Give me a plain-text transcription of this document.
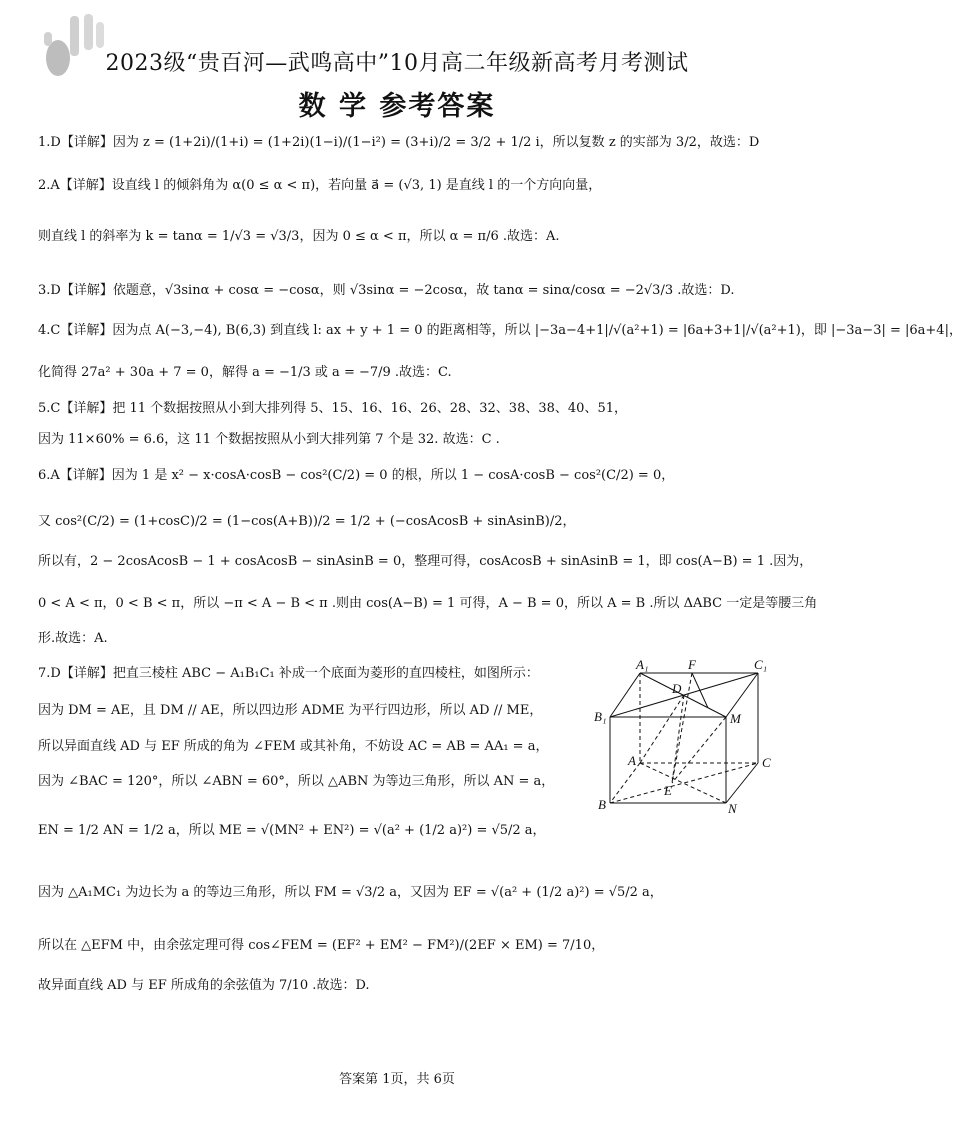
2023级“贵百河—武鸣高中”10月高二年级新高考月考测试
数 学 参考答案
1.D【详解】因为 z = (1+2i)/(1+i) = (1+2i)(1−i)/(1−i²) = (3+i)/2 = 3/2 + 1/2 i，所以复数 z 的实部为 3/2，故选：D
2.A【详解】设直线 l 的倾斜角为 α(0 ≤ α < π)，若向量 a⃗ = (√3, 1) 是直线 l 的一个方向向量，
则直线 l 的斜率为 k = tanα = 1/√3 = √3/3，因为 0 ≤ α < π，所以 α = π/6 .故选：A.
3.D【详解】依题意，√3sinα + cosα = −cosα，则 √3sinα = −2cosα，故 tanα = sinα/cosα = −2√3/3 .故选：D.
4.C【详解】因为点 A(−3,−4), B(6,3) 到直线 l: ax + y + 1 = 0 的距离相等，所以 |−3a−4+1|/√(a²+1) = |6a+3+1|/√(a²+1)，即 |−3a−3| = |6a+4|，
化简得 27a² + 30a + 7 = 0，解得 a = −1/3 或 a = −7/9 .故选：C.
5.C【详解】把 11 个数据按照从小到大排列得 5、15、16、16、26、28、32、38、38、40、51，
因为 11×60% = 6.6，这 11 个数据按照从小到大排列第 7 个是 32. 故选：C .
6.A【详解】因为 1 是 x² − x·cosA·cosB − cos²(C/2) = 0 的根，所以 1 − cosA·cosB − cos²(C/2) = 0，
又 cos²(C/2) = (1+cosC)/2 = (1−cos(A+B))/2 = 1/2 + (−cosAcosB + sinAsinB)/2，
所以有，2 − 2cosAcosB − 1 + cosAcosB − sinAsinB = 0，整理可得，cosAcosB + sinAsinB = 1，即 cos(A−B) = 1 .因为，
0 < A < π，0 < B < π，所以 −π < A − B < π .则由 cos(A−B) = 1 可得，A − B = 0，所以 A = B .所以 ΔABC 一定是等腰三角
形.故选：A.
7.D【详解】把直三棱柱 ABC − A₁B₁C₁ 补成一个底面为菱形的直四棱柱，如图所示：
因为 DM = AE，且 DM // AE，所以四边形 ADME 为平行四边形，所以 AD // ME，
所以异面直线 AD 与 EF 所成的角为 ∠FEM 或其补角，不妨设 AC = AB = AA₁ = a，
因为 ∠BAC = 120°，所以 ∠ABN = 60°，所以 △ABN 为等边三角形，所以 AN = a，
EN = 1/2 AN = 1/2 a，所以 ME = √(MN² + EN²) = √(a² + (1/2 a)²) = √5/2 a，
因为 △A₁MC₁ 为边长为 a 的等边三角形，所以 FM = √3/2 a，又因为 EF = √(a² + (1/2 a)²) = √5/2 a，
所以在 △EFM 中，由余弦定理可得 cos∠FEM = (EF² + EM² − FM²)/(2EF × EM) = 7/10，
故异面直线 AD 与 EF 所成角的余弦值为 7/10 .故选：D.
A₁	F	C₁
D
B₁	M
A	C
E
B	N
答案第 1页，共 6页
